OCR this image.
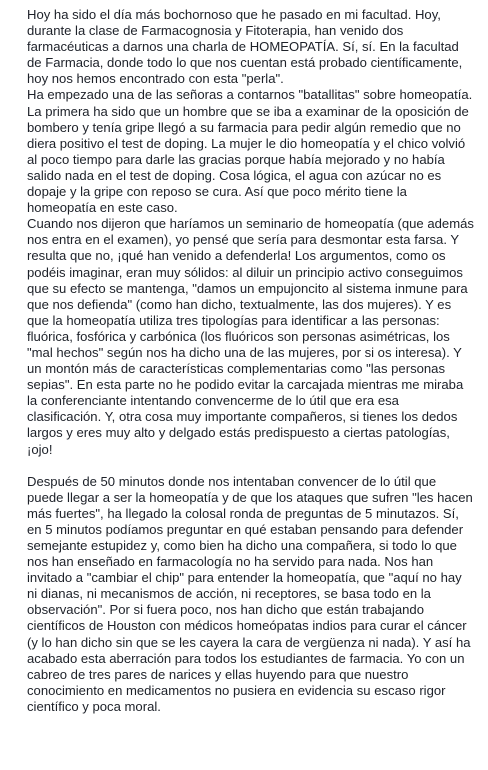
Hoy ha sido el día más bochornoso que he pasado en mi facultad. Hoy, durante la clase de Farmacognosia y Fitoterapia, han venido dos farmacéuticas a darnos una charla de HOMEOPATÍA. Sí, sí. En la facultad de Farmacia, donde todo lo que nos cuentan está probado científicamente, hoy nos hemos encontrado con esta "perla".

Ha empezado una de las señoras a contarnos "batallitas" sobre homeopatía. La primera ha sido que un hombre que se iba a examinar de la oposición de bombero y tenía gripe llegó a su farmacia para pedir algún remedio que no diera positivo el test de doping. La mujer le dio homeopatía y el chico volvió al poco tiempo para darle las gracias porque había mejorado y no había salido nada en el test de doping. Cosa lógica, el agua con azúcar no es dopaje y la gripe con reposo se cura. Así que poco mérito tiene la homeopatía en este caso.

Cuando nos dijeron que haríamos un seminario de homeopatía (que además nos entra en el examen), yo pensé que sería para desmontar esta farsa. Y resulta que no, ¡qué han venido a defenderla! Los argumentos, como os podéis imaginar, eran muy sólidos: al diluir un principio activo conseguimos que su efecto se mantenga, "damos un empujoncito al sistema inmune para que nos defienda" (como han dicho, textualmente, las dos mujeres). Y es que la homeopatía utiliza tres tipologías para identificar a las personas: fluórica, fosfórica y carbónica (los fluóricos son personas asimétricas, los "mal hechos" según nos ha dicho una de las mujeres, por si os interesa). Y un montón más de características complementarias como "las personas sepias". En esta parte no he podido evitar la carcajada mientras me miraba la conferenciante intentando convencerme de lo útil que era esa clasificación. Y, otra cosa muy importante compañeros, si tienes los dedos largos y eres muy alto y delgado estás predispuesto a ciertas patologías, ¡ojo!

Después de 50 minutos donde nos intentaban convencer de lo útil que puede llegar a ser la homeopatía y de que los ataques que sufren "les hacen más fuertes", ha llegado la colosal ronda de preguntas de 5 minutazos. Sí, en 5 minutos podíamos preguntar en qué estaban pensando para defender semejante estupidez y, como bien ha dicho una compañera, si todo lo que nos han enseñado en farmacología no ha servido para nada. Nos han invitado a "cambiar el chip" para entender la homeopatía, que "aquí no hay ni dianas, ni mecanismos de acción, ni receptores, se basa todo en la observación". Por si fuera poco, nos han dicho que están trabajando científicos de Houston con médicos homeópatas indios para curar el cáncer (y lo han dicho sin que se les cayera la cara de vergüenza ni nada). Y así ha acabado esta aberración para todos los estudiantes de farmacia. Yo con un cabreo de tres pares de narices y ellas huyendo para que nuestro conocimiento en medicamentos no pusiera en evidencia su escaso rigor científico y poca moral.
